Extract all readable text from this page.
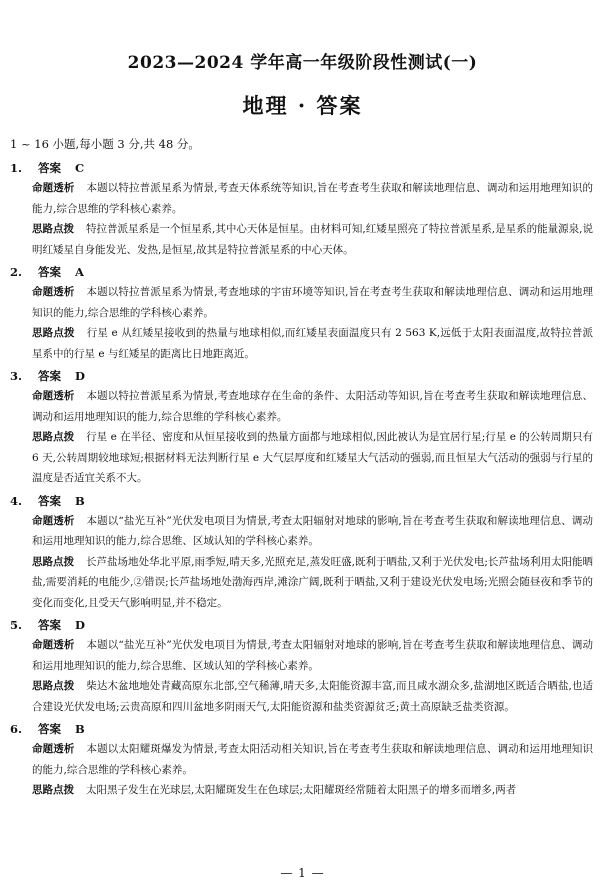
2023—2024 学年高一年级阶段性测试(一)
地理 · 答案
1 ~ 16 小题,每小题 3 分,共 48 分。
1. 答案 C
命题透析 本题以特拉普派星系为情景,考查天体系统等知识,旨在考查考生获取和解读地理信息、调动和运用地理知识的能力,综合思维的学科核心素养。
思路点拨 特拉普派星系是一个恒星系,其中心天体是恒星。由材料可知,红矮星照亮了特拉普派星系,是星系的能量源泉,说明红矮星自身能发光、发热,是恒星,故其是特拉普派星系的中心天体。
2. 答案 A
命题透析 本题以特拉普派星系为情景,考查地球的宇宙环境等知识,旨在考查考生获取和解读地理信息、调动和运用地理知识的能力,综合思维的学科核心素养。
思路点拨 行星 e 从红矮星接收到的热量与地球相似,而红矮星表面温度只有 2 563 K,远低于太阳表面温度,故特拉普派星系中的行星 e 与红矮星的距离比日地距离近。
3. 答案 D
命题透析 本题以特拉普派星系为情景,考查地球存在生命的条件、太阳活动等知识,旨在考查考生获取和解读地理信息、调动和运用地理知识的能力,综合思维的学科核心素养。
思路点拨 行星 e 在半径、密度和从恒星接收到的热量方面都与地球相似,因此被认为是宜居行星;行星 e 的公转周期只有 6 天,公转周期较地球短;根据材料无法判断行星 e 大气层厚度和红矮星大气活动的强弱,而且恒星大气活动的强弱与行星的温度是否适宜关系不大。
4. 答案 B
命题透析 本题以“盐光互补”光伏发电项目为情景,考查太阳辐射对地球的影响,旨在考查考生获取和解读地理信息、调动和运用地理知识的能力,综合思维、区域认知的学科核心素养。
思路点拨 长芦盐场地处华北平原,雨季短,晴天多,光照充足,蒸发旺盛,既利于晒盐,又利于光伏发电;长芦盐场利用太阳能晒盐,需要消耗的电能少,②错误;长芦盐场地处渤海西岸,滩涂广阔,既利于晒盐,又利于建设光伏发电场;光照会随昼夜和季节的变化而变化,且受天气影响明显,并不稳定。
5. 答案 D
命题透析 本题以“盐光互补”光伏发电项目为情景,考查太阳辐射对地球的影响,旨在考查考生获取和解读地理信息、调动和运用地理知识的能力,综合思维、区域认知的学科核心素养。
思路点拨 柴达木盆地地处青藏高原东北部,空气稀薄,晴天多,太阳能资源丰富,而且咸水湖众多,盐湖地区既适合晒盐,也适合建设光伏发电场;云贵高原和四川盆地多阴雨天气,太阳能资源和盐类资源贫乏;黄土高原缺乏盐类资源。
6. 答案 B
命题透析 本题以太阳耀斑爆发为情景,考查太阳活动相关知识,旨在考查考生获取和解读地理信息、调动和运用地理知识的能力,综合思维的学科核心素养。
思路点拨 太阳黑子发生在光球层,太阳耀斑发生在色球层;太阳耀斑经常随着太阳黑子的增多而增多,两者
— 1 —
